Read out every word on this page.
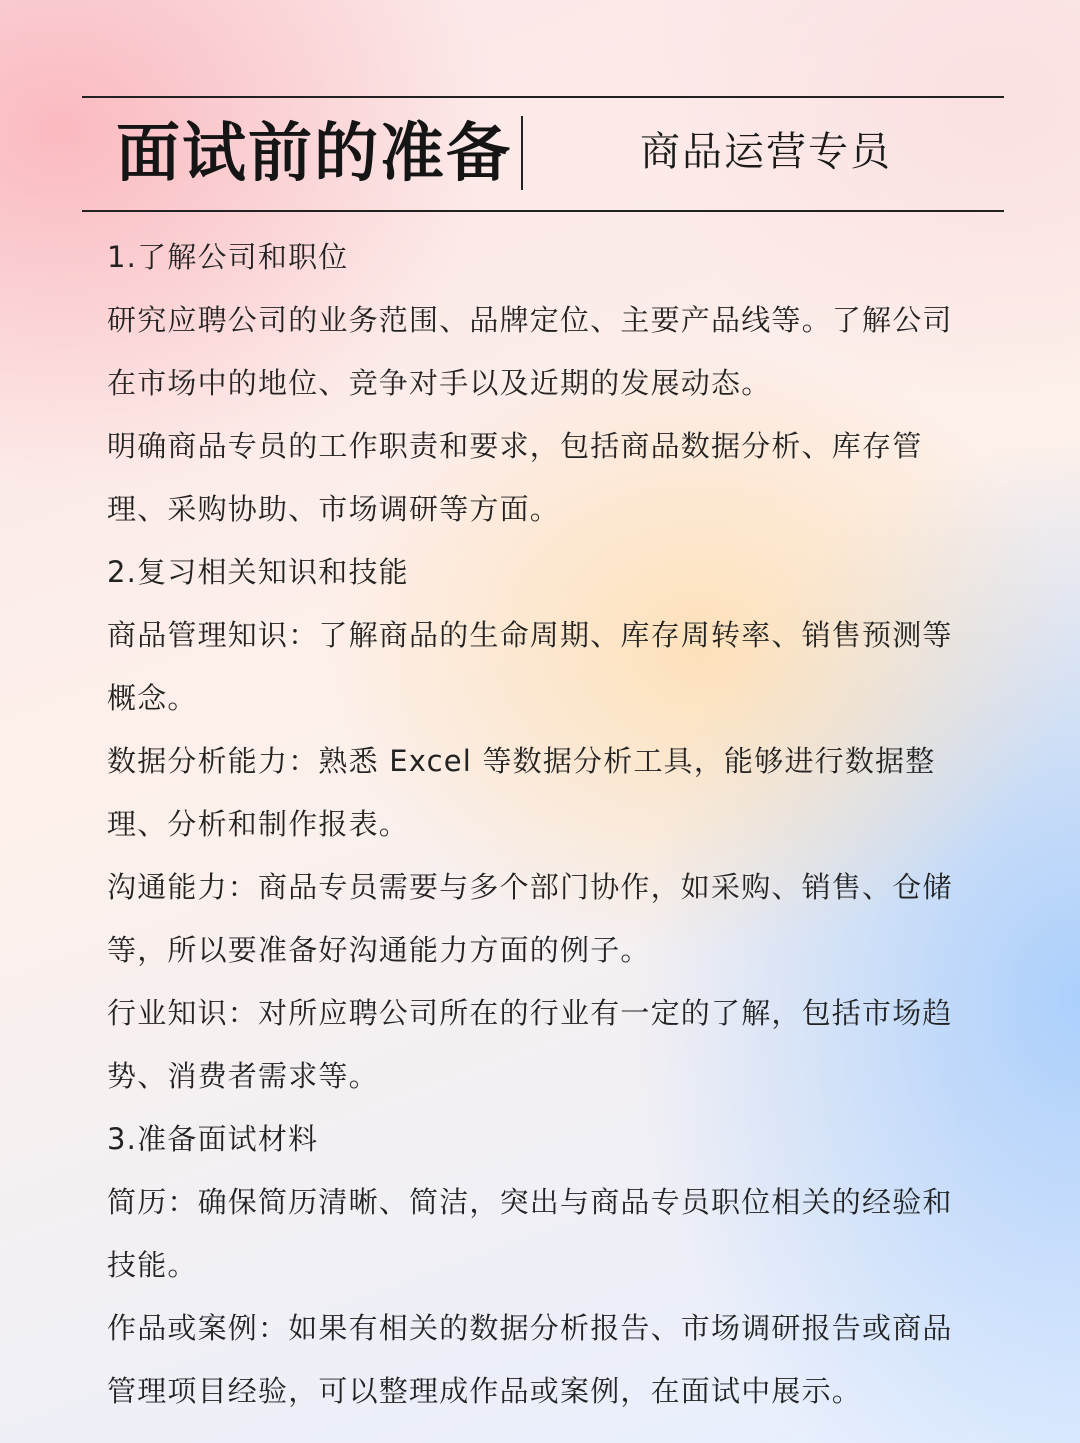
面试前的准备	商品运营专员
1.了解公司和职位
研究应聘公司的业务范围、品牌定位、主要产品线等。了解公司
在市场中的地位、竞争对手以及近期的发展动态。
明确商品专员的工作职责和要求，包括商品数据分析、库存管
理、采购协助、市场调研等方面。
2.复习相关知识和技能
商品管理知识：了解商品的生命周期、库存周转率、销售预测等
概念。
数据分析能力：熟悉 Excel 等数据分析工具，能够进行数据整
理、分析和制作报表。
沟通能力：商品专员需要与多个部门协作，如采购、销售、仓储
等，所以要准备好沟通能力方面的例子。
行业知识：对所应聘公司所在的行业有一定的了解，包括市场趋
势、消费者需求等。
3.准备面试材料
简历：确保简历清晰、简洁，突出与商品专员职位相关的经验和
技能。
作品或案例：如果有相关的数据分析报告、市场调研报告或商品
管理项目经验，可以整理成作品或案例，在面试中展示。
